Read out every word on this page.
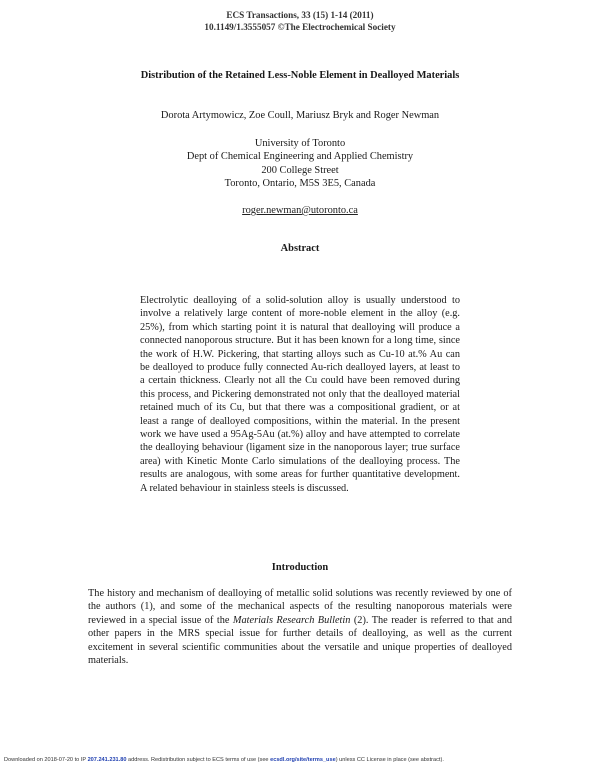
ECS Transactions, 33 (15) 1-14 (2011)
10.1149/1.3555057 ©The Electrochemical Society
Distribution of the Retained Less-Noble Element in Dealloyed Materials
Dorota Artymowicz, Zoe Coull, Mariusz Bryk and Roger Newman
University of Toronto
Dept of Chemical Engineering and Applied Chemistry
200 College Street
Toronto, Ontario, M5S 3E5, Canada
roger.newman@utoronto.ca
Abstract

Electrolytic dealloying of a solid-solution alloy is usually understood to involve a relatively large content of more-noble element in the alloy (e.g. 25%), from which starting point it is natural that dealloying will produce a connected nanoporous structure. But it has been known for a long time, since the work of H.W. Pickering, that starting alloys such as Cu-10 at.% Au can be dealloyed to produce fully connected Au-rich dealloyed layers, at least to a certain thickness. Clearly not all the Cu could have been removed during this process, and Pickering demonstrated not only that the dealloyed material retained much of its Cu, but that there was a compositional gradient, or at least a range of dealloyed compositions, within the material. In the present work we have used a 95Ag-5Au (at.%) alloy and have attempted to correlate the dealloying behaviour (ligament size in the nanoporous layer; true surface area) with Kinetic Monte Carlo simulations of the dealloying process. The results are analogous, with some areas for further quantitative development. A related behaviour in stainless steels is discussed.

Introduction
The history and mechanism of dealloying of metallic solid solutions was recently reviewed by one of the authors (1), and some of the mechanical aspects of the resulting nanoporous materials were reviewed in a special issue of the Materials Research Bulletin (2). The reader is referred to that and other papers in the MRS special issue for further details of dealloying, as well as the current excitement in several scientific communities about the versatile and unique properties of dealloyed materials.
Downloaded on 2018-07-20 to IP 207.241.231.80 address. Redistribution subject to ECS terms of use (see ecsdl.org/site/terms_use) unless CC License in place (see abstract).
